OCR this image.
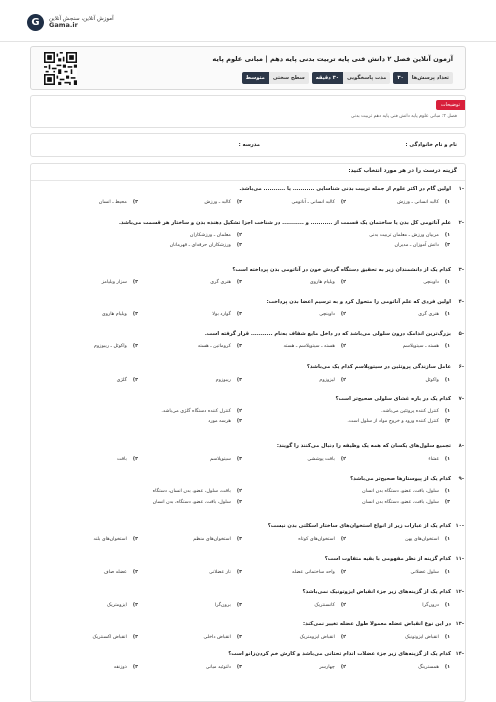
G	آموزش آنلاین، سنجش آنلاین
Gama.ir
آزمون آنلاین فصل ۲ دانش فنی پایه تربیت بدنی پایه دهم | مبانی علوم پایه
تعداد پرسش‌ها
۳۰
مدت پاسخگویی
۳۰ دقیقه
سطح سختی
متوسط
توضیحات
فصل ۲: مبانی علوم پایه دانش فنی پایه دهم تربیت بدنی
نام و نام خانوادگی :
مدرسه :
گزینه درست را در هر مورد انتخاب کنید:
-۱
اولین گام در اکثر علوم از جمله تربیت بدنی شناسایی ........... یا ........... می‌باشد.
۱)کالبد انسانی ـ ورزش
۲)کالبد انسانی ـ آناتومی
۳)کالبد ـ ورزش
۴)محیط ـ انسان
-۲
علم آناتومی کل بدن یا ساختمان یک قسمت از ........... و ........... در شناخت اجزا تشکیل دهنده بدن و ساختار هر قسمت می‌باشد.
۱)مربیان ورزش ـ معلمان تربیت بدنی
۲)معلمان ـ ورزشکاران
۳)دانش آموزان ـ مدیران
۴)ورزشکاران حرفه‌ای ـ قهرمانان
-۳
کدام یک از دانشمندان زیر به تحقیق دستگاه گردش خون در آناتومی بدن پرداخته است؟
۱)داوینچی
۲)ویلیام هاروی
۳)هنری گری
۴)سزار ویلیامز
-۴
اولین فردی که علم آناتومی را متحول کرد و به ترسیم اعضا بدن پرداخت:
۱)هنری گری
۲)داوینچی
۳)گوارد بولا
۴)ویلیام هاروی
-۵
بزرگ‌ترین اندامک درون سلولی می‌باشد که در داخل مایع شفاف به‌نام ........... قرار گرفته است.
۱)هسته ـ سیتوپلاسم
۲)هسته ـ سیتوپلاسم ـ هسته
۳)کروماتین ـ هسته
۴)واکوئل ـ ریبوزوم
-۶
عامل سازندگی پروتئین در سیتوپلاسم کدام یک می‌باشد؟
۱)واکوئل
۲)لیزوزوم
۳)ریبوزوم
۴)گلژی
-۷
کدام یک در باره غشای سلولی صحیح‌تر است؟
۱)کنترل کننده پروتئین می‌باشد.
۲)کنترل کننده دستگاه گلژی می‌باشد.
۳)کنترل کننده ورود و خروج مواد از سلول است.
۴)هرسه مورد
-۸
تجمیع سلول‌های یکسان که همه یک وظیفه را دنبال می‌کنند را گویند:
۱)غشاء
۲)بافت پوششی
۳)سیتوپلاسم
۴)بافت
-۹
کدام یک از پیوستارها صحیح‌تر می‌باشد؟
۱)سلول، بافت، عضو، دستگاه بدن انسان
۲)بافت، سلول، عضو، بدن انسان، دستگاه
۳)سلول، بافت، عضو، دستگاه بدن انسان
۴)سلول، بافت، عضو، دستگاه، بدن انسان
-۱۰
کدام یک از عبارات زیر از انواع استخوان‌های ساختار اسکلتی بدن نیست؟
۱)استخوان‌های پهن
۲)استخوان‌های کوتاه
۳)استخوان‌های منظم
۴)استخوان‌های بلند
-۱۱
کدام گزینه از نظر مفهومی با بقیه متفاوت است؟
۱)سلول عضلانی
۲)واحد ساختمانی عضله
۳)تار عضلانی
۴)عضله صاف
-۱۲
کدام یک از گزینه‌های زیر جزء انقباض ایزوتونیک نمی‌باشد؟
۱)درون‌گرا
۲)کانسنتریک
۳)برون‌گرا
۴)ایزومتریک
-۱۳
در این نوع انقباض عضله معمولا طول عضله تغییر نمی‌کند:
۱)انقباض ایزوتونیک
۲)انقباض ایزومتریک
۳)انقباض داخلی
۴)انقباض اکسنتریک
-۱۴
کدام یک از گزینه‌های زیر جزء عضلات اندام تحتانی می‌باشد و کارش خم کردن‌زانو است؟
۱)همسترینگ
۲)چهارسر
۳)دلتوئید میانی
۴)ذوزنقه
